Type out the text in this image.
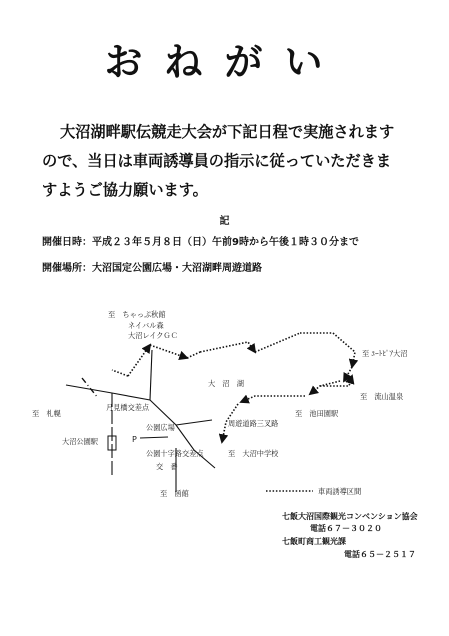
おねがい
大沼湖畔駅伝競走大会が下記日程で実施されます
ので、当日は車両誘導員の指示に従っていただきま
すようご協力願います。
記
開催日時：平成２３年５月８日（日）午前9時から午後１時３０分まで
開催場所：大沼国定公園広場・大沼湖畔周遊道路
至　ちゃっぷ秋館
ネイバル森
大沼レイクＧＣ
至 ﾕｰﾄﾋﾟｱ大沼
大　沼　湖
至　流山温泉
至　池田園駅
至　札幌
月見橋交差点
公園広場	周遊道路三叉路
大沼公園駅	P
公園十字路交差点
交　番
至　大沼中学校
至　函館	車両誘導区間
七飯大沼国際観光コンベンション協会
電話６７－３０２０
七飯町商工観光課
電話６５－２５１７
